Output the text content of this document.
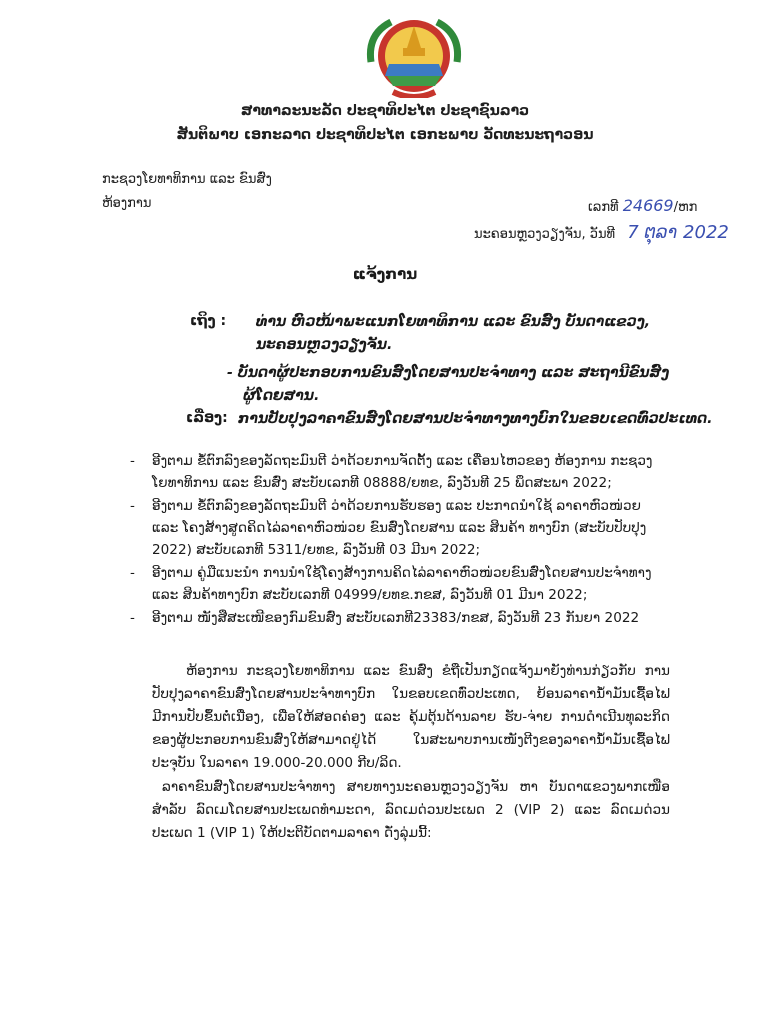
ສາທາລະນະລັດ ປະຊາທິປະໄຕ ປະຊາຊົນລາວ
ສັນຕິພາບ ເອກະລາດ ປະຊາທິປະໄຕ ເອກະພາບ ວັດທະນະຖາວອນ
ກະຊວງໂຍທາທິການ ແລະ ຂົນສົ່ງ
ຫ້ອງການ	ເລກທີ 24669/ຫກ
ນະຄອນຫຼວງວຽງຈັນ, ວັນທີ 7 ຕຸລາ 2022
ແຈ້ງການ
ເຖິງ : ທ່ານ ຫົວໜ້າພະແນກໂຍທາທິການ ແລະ ຂົນສົ່ງ ບັນດາແຂວງ,
ນະຄອນຫຼວງວຽງຈັນ.
- ບັນດາຜູ້ປະກອບການຂົນສົ່ງໂດຍສານປະຈຳທາງ ແລະ ສະຖານີຂົນສົ່ງ
ຜູ້ໂດຍສານ.
ເລື່ອງ: ການປັບປຸງລາຄາຂົນສົ່ງໂດຍສານປະຈຳທາງທາງບົກໃນຂອບເຂດທົ່ວປະເທດ.
- ອີງຕາມ ຂໍ້ຕົກລົງຂອງລັດຖະມົນຕີ ວ່າດ້ວຍການຈັດຕັ້ງ ແລະ ເຄື່ອນໄຫວຂອງ ຫ້ອງການ ກະຊວງ ໂຍທາທິການ ແລະ ຂົນສົ່ງ ສະບັບເລກທີ 08888/ຍທຂ, ລົງວັນທີ 25 ພຶດສະພາ 2022;
- ອີງຕາມ ຂໍ້ຕົກລົງຂອງລັດຖະມົນຕີ ວ່າດ້ວຍການຮັບຮອງ ແລະ ປະກາດນຳໃຊ້ ລາຄາຫົວໜ່ວຍ ແລະ ໂຄງສ້າງສູດຄິດໄລ່ລາຄາຫົວໜ່ວຍ ຂົນສົ່ງໂດຍສານ ແລະ ສິນຄ້າ ທາງບົກ (ສະບັບປັບປຸງ 2022) ສະບັບເລກທີ 5311/ຍທຂ, ລົງວັນທີ 03 ມີນາ 2022;
- ອີງຕາມ ຄູ່ມືແນະນຳ ການນຳໃຊ້ໂຄງສ້າງການຄິດໄລ່ລາຄາຫົວໜ່ວຍຂົນສົ່ງໂດຍສານປະຈຳທາງ ແລະ ສິນຄ້າທາງບົກ ສະບັບເລກທີ 04999/ຍທຂ.ກຂສ, ລົງວັນທີ 01 ມີນາ 2022;
- ອີງຕາມ ໜັງສືສະເໜີຂອງກົມຂົນສົ່ງ ສະບັບເລກທີ23383/ກຂສ, ລົງວັນທີ 23 ກັນຍາ 2022
ຫ້ອງການ ກະຊວງໂຍທາທິການ ແລະ ຂົນສົ່ງ ຂໍຖືເປັນກຽດແຈ້ງມາຍັງທ່ານກ່ຽວກັບ ການປັບປຸງລາຄາຂົນສົ່ງໂດຍສານປະຈຳທາງບົກ ໃນຂອບເຂດທົ່ວປະເທດ, ຍ້ອນລາຄານ້ຳມັນເຊື້ອໄຟ ມີການປັບຂຶ້ນຕໍ່ເນື່ອງ, ເພື່ອໃຫ້ສອດຄ່ອງ ແລະ ຄຸ້ມຕຸ້ນດ້ານລາຍ ຮັບ-ຈ່າຍ ການດຳເນີນທຸລະກິດຂອງຜູ້ປະກອບການຂົນສົ່ງໃຫ້ສາມາດຢູ່ໄດ້ ໃນສະພາບການເໜັງຕີງຂອງລາຄານ້ຳມັນເຊື້ອໄຟ ປະຈຸບັນ ໃນລາຄາ 19.000-20.000 ກີບ/ລິດ.
ລາຄາຂົນສົ່ງໂດຍສານປະຈຳທາງ ສາຍທາງນະຄອນຫຼວງວຽງຈັນ ຫາ ບັນດາແຂວງພາກເໜືອ ສຳລັບ ລົດເມໂດຍສານປະເພດທຳມະດາ, ລົດເມດ່ວນປະເພດ 2 (VIP 2) ແລະ ລົດເມດ່ວນປະເພດ 1 (VIP 1) ໃຫ້ປະຕິບັດຕາມລາຄາ ດັ່ງລຸ່ມນີ້:
